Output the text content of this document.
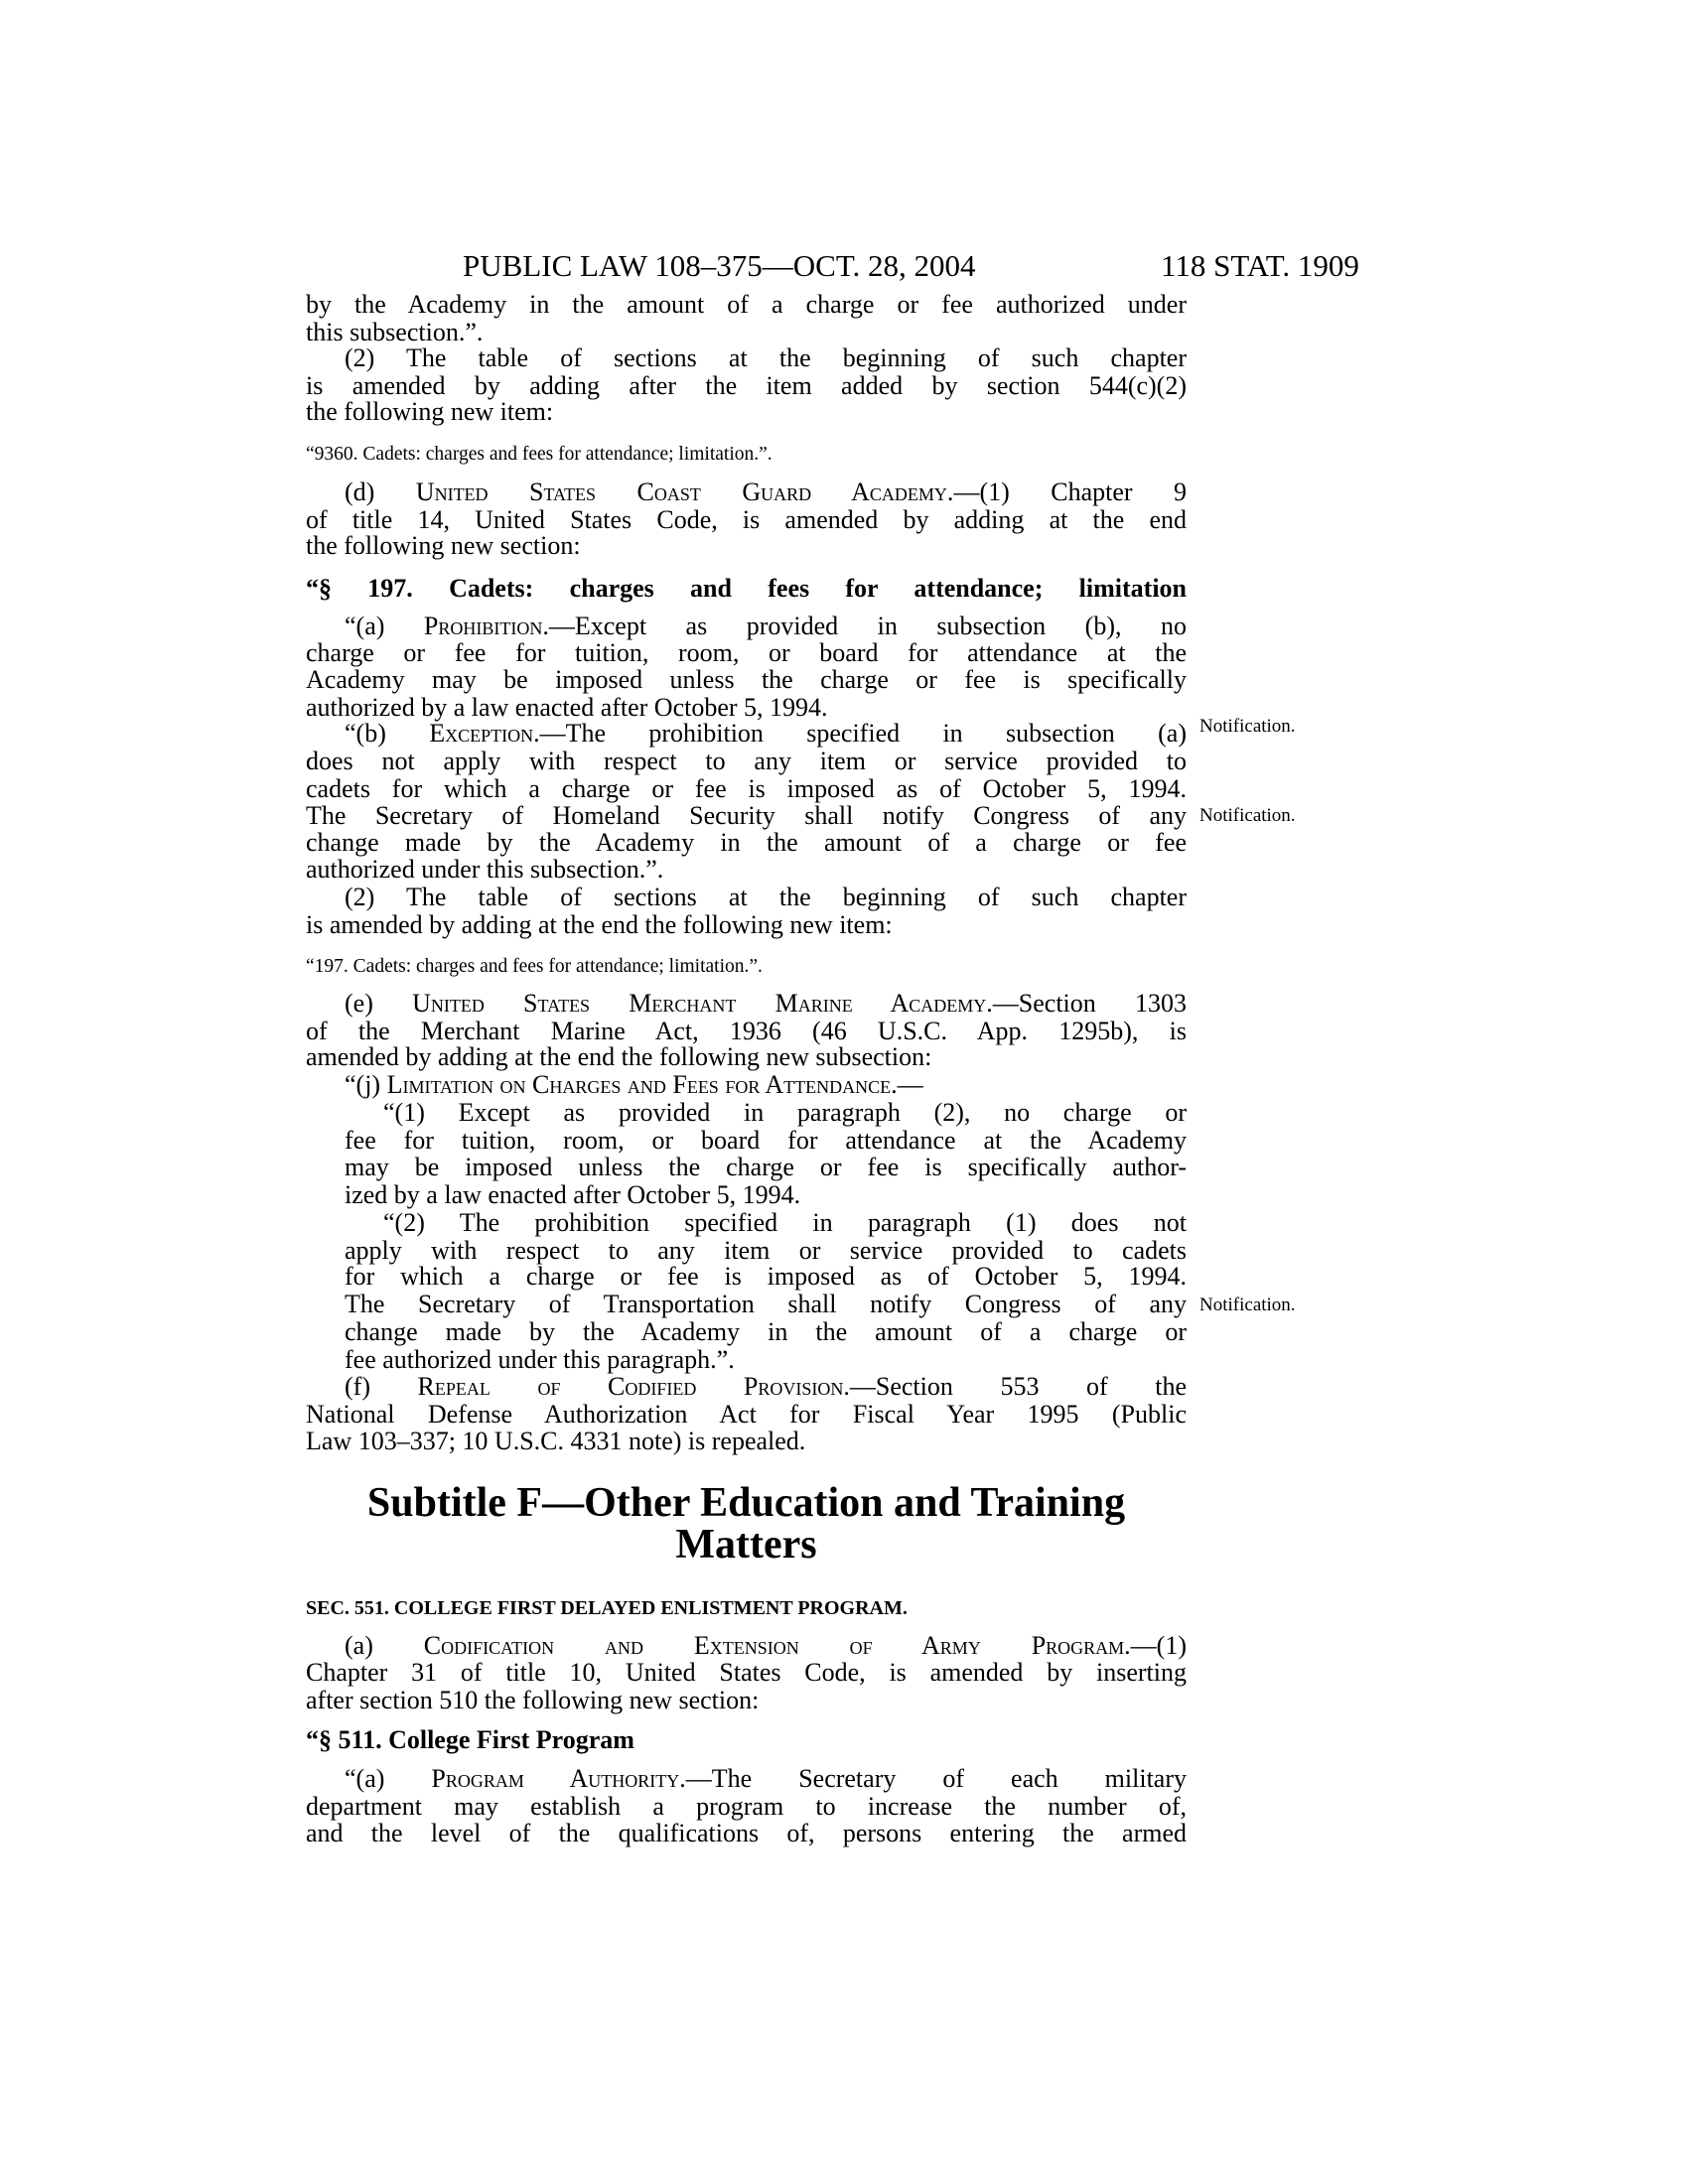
PUBLIC LAW 108–375—OCT. 28, 2004	118 STAT. 1909
by the Academy in the amount of a charge or fee authorized under
this subsection.”.
(2) The table of sections at the beginning of such chapter
is amended by adding after the item added by section 544(c)(2)
the following new item:
“9360. Cadets: charges and fees for attendance; limitation.”.
(d) United States Coast Guard Academy.—(1) Chapter 9
of title 14, United States Code, is amended by adding at the end
the following new section:
“§ 197. Cadets: charges and fees for attendance; limitation
“(a) Prohibition.—Except as provided in subsection (b), no
charge or fee for tuition, room, or board for attendance at the
Academy may be imposed unless the charge or fee is specifically
authorized by a law enacted after October 5, 1994.
“(b) Exception.—The prohibition specified in subsection (a)
does not apply with respect to any item or service provided to
cadets for which a charge or fee is imposed as of October 5, 1994.
The Secretary of Homeland Security shall notify Congress of any
change made by the Academy in the amount of a charge or fee
authorized under this subsection.”.
(2) The table of sections at the beginning of such chapter
is amended by adding at the end the following new item:
“197. Cadets: charges and fees for attendance; limitation.”.
(e) United States Merchant Marine Academy.—Section 1303
of the Merchant Marine Act, 1936 (46 U.S.C. App. 1295b), is
amended by adding at the end the following new subsection:
“(j) Limitation on Charges and Fees for Attendance.—
“(1) Except as provided in paragraph (2), no charge or
fee for tuition, room, or board for attendance at the Academy
may be imposed unless the charge or fee is specifically author-
ized by a law enacted after October 5, 1994.
“(2) The prohibition specified in paragraph (1) does not
apply with respect to any item or service provided to cadets
for which a charge or fee is imposed as of October 5, 1994.
The Secretary of Transportation shall notify Congress of any
change made by the Academy in the amount of a charge or
fee authorized under this paragraph.”.
(f) Repeal of Codified Provision.—Section 553 of the
National Defense Authorization Act for Fiscal Year 1995 (Public
Law 103–337; 10 U.S.C. 4331 note) is repealed.
Subtitle F—Other Education and Training
Matters
SEC. 551. COLLEGE FIRST DELAYED ENLISTMENT PROGRAM.
(a) Codification and Extension of Army Program.—(1)
Chapter 31 of title 10, United States Code, is amended by inserting
after section 510 the following new section:
“§ 511. College First Program
“(a) Program Authority.—The Secretary of each military
department may establish a program to increase the number of,
and the level of the qualifications of, persons entering the armed
Notification.
Notification.
Notification.
